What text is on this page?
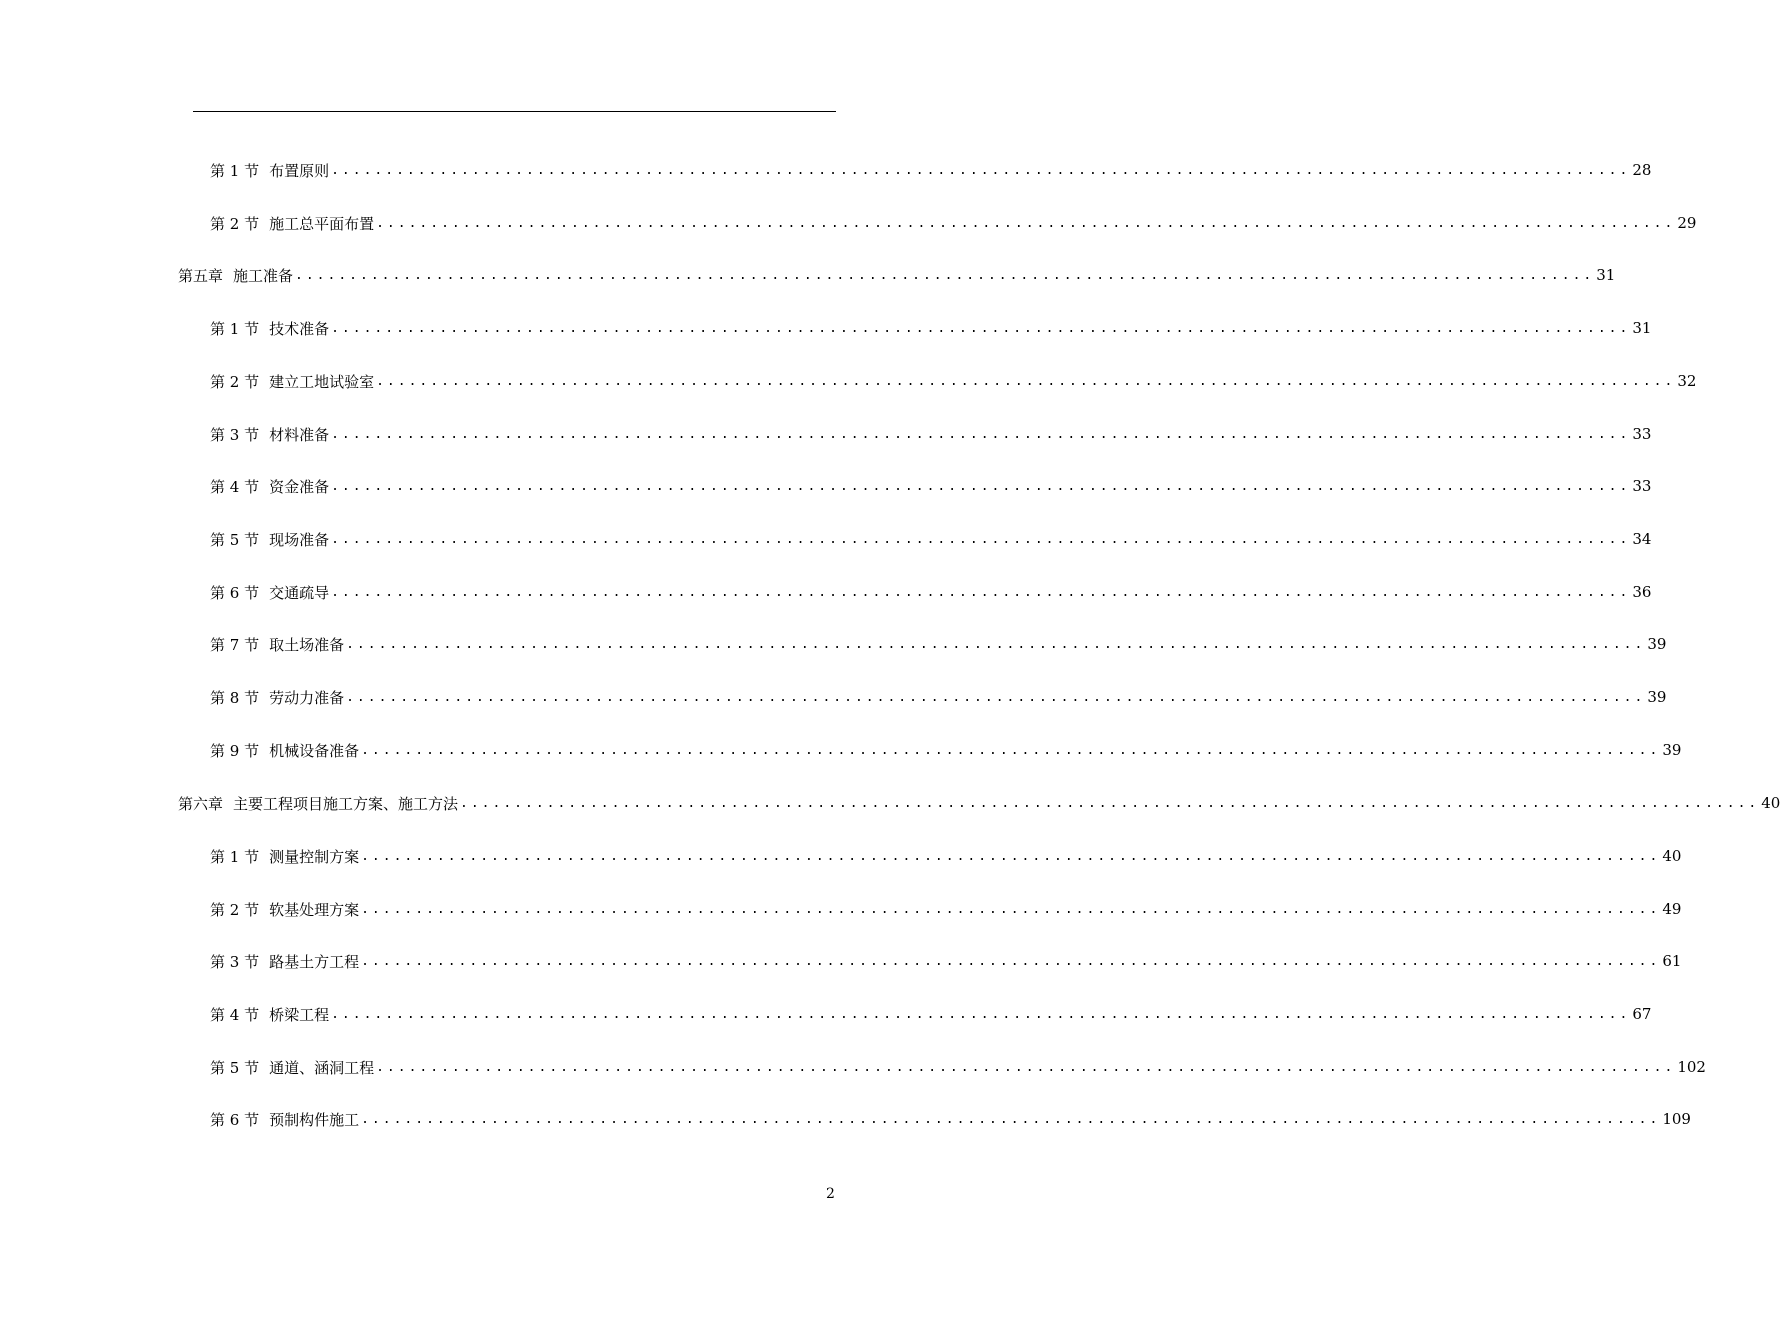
第 1 节 布置原则 ........................................................................................................................ 28
第 2 节 施工总平面布置 ........................................................................................................................ 29
第五章 施工准备 ........................................................................................................................ 31
第 1 节 技术准备 ........................................................................................................................ 31
第 2 节 建立工地试验室 ........................................................................................................................ 32
第 3 节 材料准备 ........................................................................................................................ 33
第 4 节 资金准备 ........................................................................................................................ 33
第 5 节 现场准备 ........................................................................................................................ 34
第 6 节 交通疏导 ........................................................................................................................ 36
第 7 节 取土场准备 ........................................................................................................................ 39
第 8 节 劳动力准备 ........................................................................................................................ 39
第 9 节 机械设备准备 ........................................................................................................................ 39
第六章 主要工程项目施工方案、施工方法 ........................................................................................................................ 40
第 1 节 测量控制方案 ........................................................................................................................ 40
第 2 节 软基处理方案 ........................................................................................................................ 49
第 3 节 路基土方工程 ........................................................................................................................ 61
第 4 节 桥梁工程 ........................................................................................................................ 67
第 5 节 通道、涵洞工程 ........................................................................................................................ 102
第 6 节 预制构件施工 ........................................................................................................................ 109
2
